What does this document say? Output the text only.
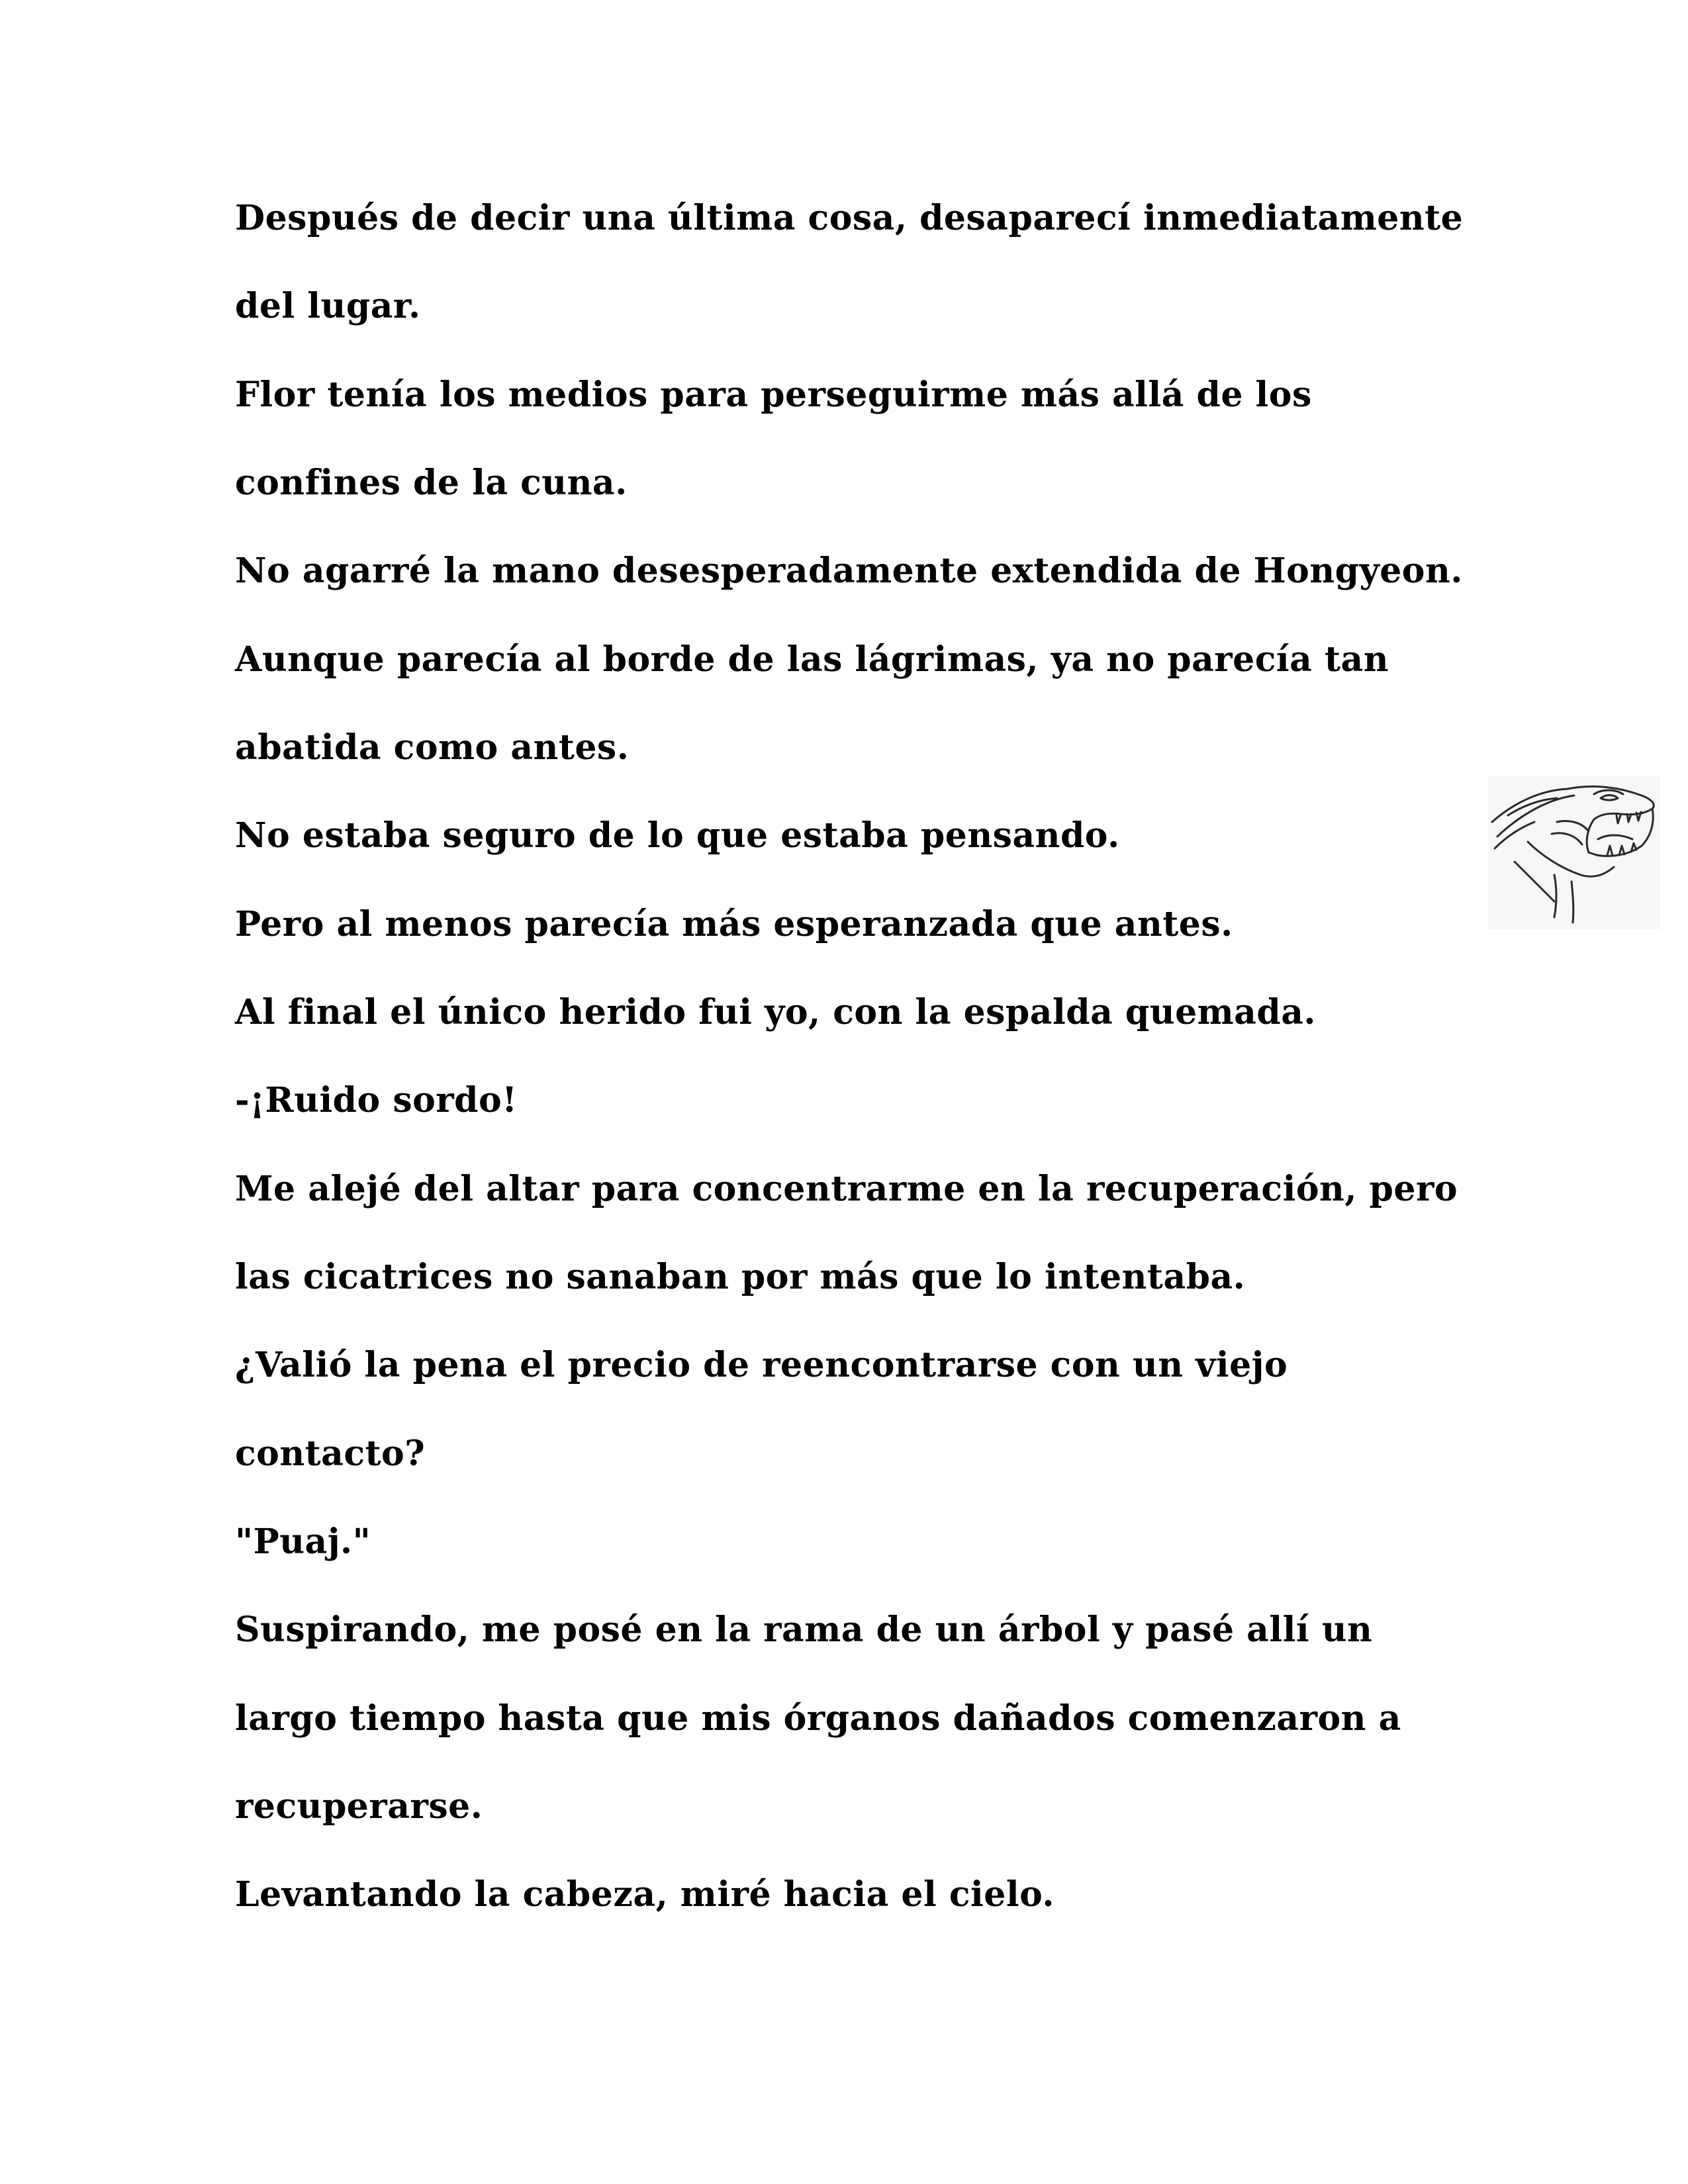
Después de decir una última cosa, desaparecí inmediatamente

del lugar.

Flor tenía los medios para perseguirme más allá de los

confines de la cuna.

No agarré la mano desesperadamente extendida de Hongyeon.

Aunque parecía al borde de las lágrimas, ya no parecía tan

abatida como antes.

No estaba seguro de lo que estaba pensando.

Pero al menos parecía más esperanzada que antes.

Al final el único herido fui yo, con la espalda quemada.

-¡Ruido sordo!

Me alejé del altar para concentrarme en la recuperación, pero

las cicatrices no sanaban por más que lo intentaba.

¿Valió la pena el precio de reencontrarse con un viejo

contacto?

"Puaj."

Suspirando, me posé en la rama de un árbol y pasé allí un

largo tiempo hasta que mis órganos dañados comenzaron a

recuperarse.

Levantando la cabeza, miré hacia el cielo.
